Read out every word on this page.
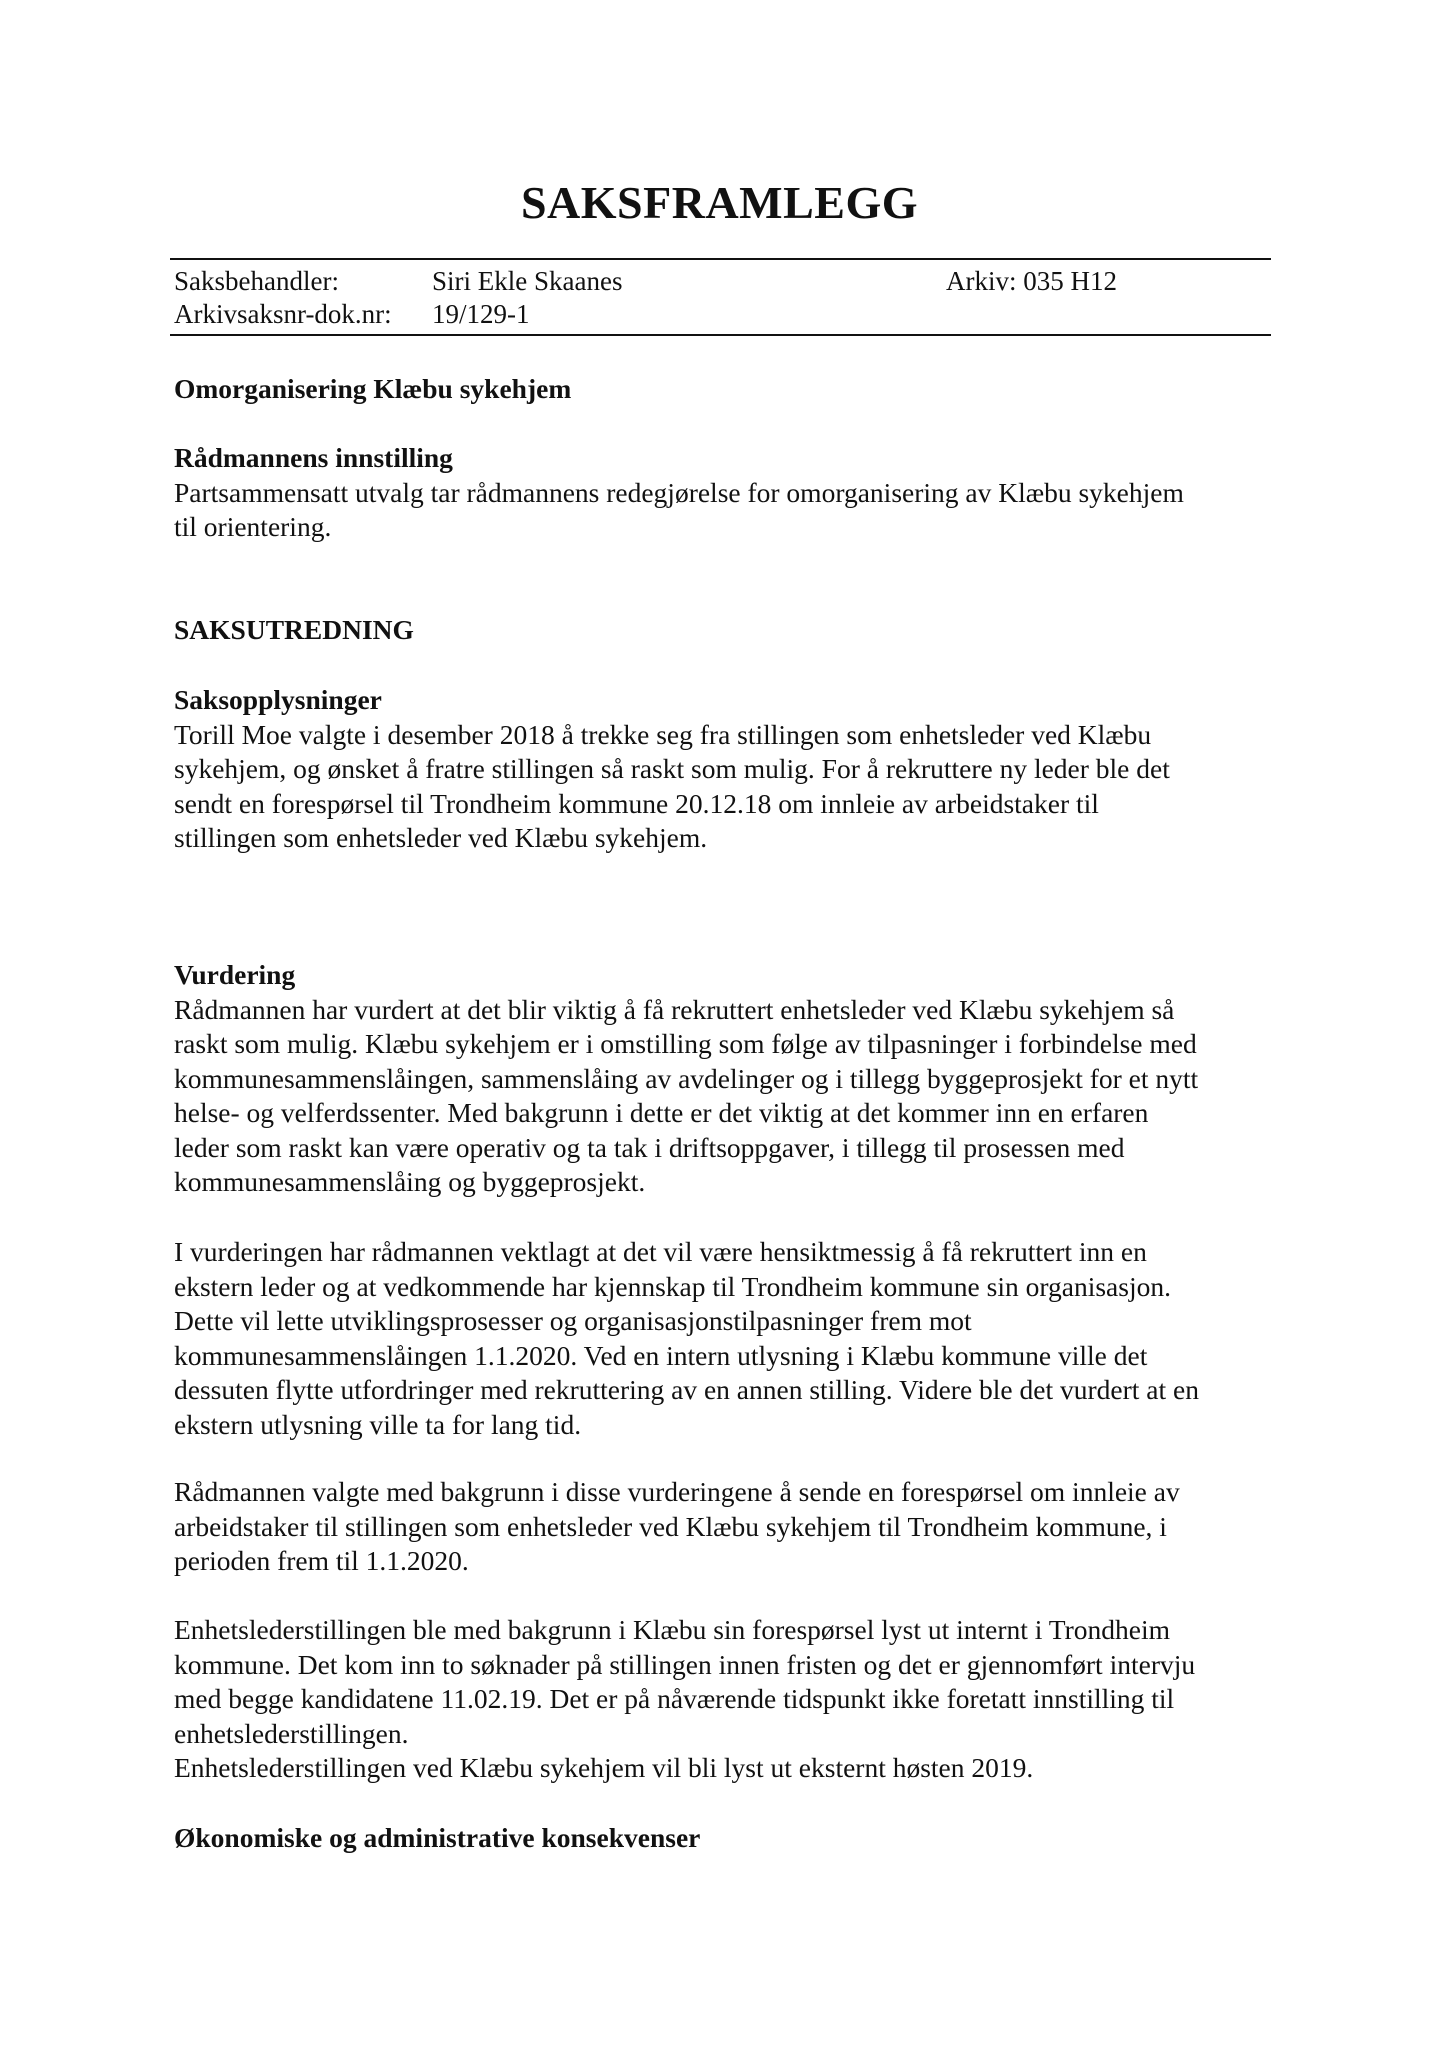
SAKSFRAMLEGG
Saksbehandler:	Siri Ekle Skaanes	Arkiv: 035 H12
Arkivsaksnr-dok.nr: 19/129-1

Omorganisering Klæbu sykehjem

Rådmannens innstilling

Partsammensatt utvalg tar rådmannens redegjørelse for omorganisering av Klæbu sykehjem
til orientering.

SAKSUTREDNING

Saksopplysninger

Torill Moe valgte i desember 2018 å trekke seg fra stillingen som enhetsleder ved Klæbu
sykehjem, og ønsket å fratre stillingen så raskt som mulig. For å rekruttere ny leder ble det
sendt en forespørsel til Trondheim kommune 20.12.18 om innleie av arbeidstaker til
stillingen som enhetsleder ved Klæbu sykehjem.

Vurdering

Rådmannen har vurdert at det blir viktig å få rekruttert enhetsleder ved Klæbu sykehjem så
raskt som mulig. Klæbu sykehjem er i omstilling som følge av tilpasninger i forbindelse med
kommunesammenslåingen, sammenslåing av avdelinger og i tillegg byggeprosjekt for et nytt
helse- og velferdssenter. Med bakgrunn i dette er det viktig at det kommer inn en erfaren
leder som raskt kan være operativ og ta tak i driftsoppgaver, i tillegg til prosessen med
kommunesammenslåing og byggeprosjekt.
I vurderingen har rådmannen vektlagt at det vil være hensiktmessig å få rekruttert inn en
ekstern leder og at vedkommende har kjennskap til Trondheim kommune sin organisasjon.
Dette vil lette utviklingsprosesser og organisasjonstilpasninger frem mot
kommunesammenslåingen 1.1.2020. Ved en intern utlysning i Klæbu kommune ville det
dessuten flytte utfordringer med rekruttering av en annen stilling. Videre ble det vurdert at en
ekstern utlysning ville ta for lang tid.
Rådmannen valgte med bakgrunn i disse vurderingene å sende en forespørsel om innleie av
arbeidstaker til stillingen som enhetsleder ved Klæbu sykehjem til Trondheim kommune, i
perioden frem til 1.1.2020.
Enhetslederstillingen ble med bakgrunn i Klæbu sin forespørsel lyst ut internt i Trondheim
kommune. Det kom inn to søknader på stillingen innen fristen og det er gjennomført intervju
med begge kandidatene 11.02.19. Det er på nåværende tidspunkt ikke foretatt innstilling til
enhetslederstillingen.
Enhetslederstillingen ved Klæbu sykehjem vil bli lyst ut eksternt høsten 2019.

Økonomiske og administrative konsekvenser
